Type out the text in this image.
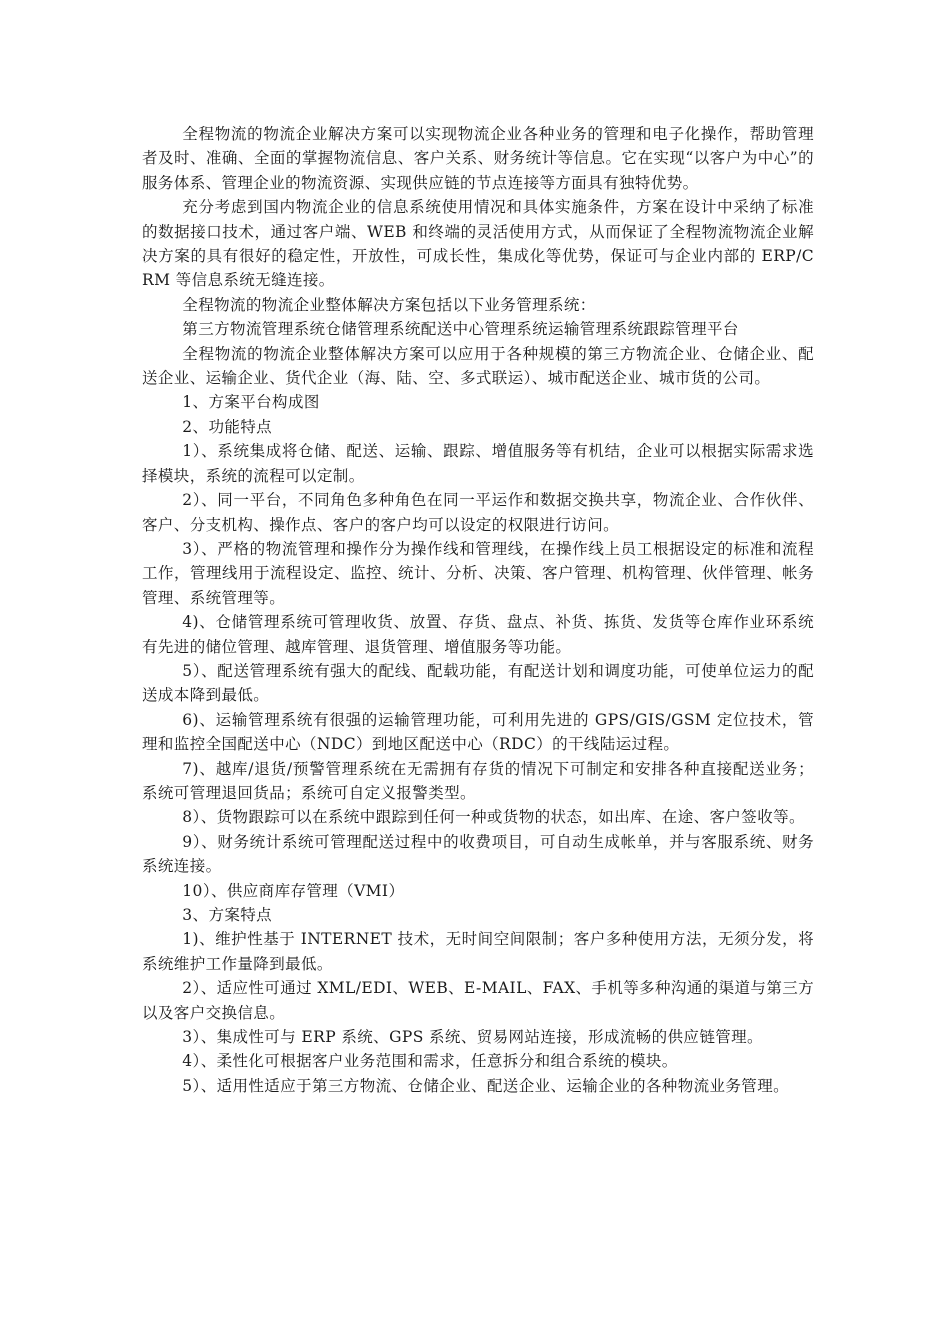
全程物流的物流企业解决方案可以实现物流企业各种业务的管理和电子化操作，帮助管理者及时、准确、全面的掌握物流信息、客户关系、财务统计等信息。它在实现“以客户为中心”的服务体系、管理企业的物流资源、实现供应链的节点连接等方面具有独特优势。

充分考虑到国内物流企业的信息系统使用情况和具体实施条件，方案在设计中采纳了标准的数据接口技术，通过客户端、WEB 和终端的灵活使用方式，从而保证了全程物流物流企业解决方案的具有很好的稳定性，开放性，可成长性，集成化等优势，保证可与企业内部的 ERP/CRM 等信息系统无缝连接。

全程物流的物流企业整体解决方案包括以下业务管理系统：

第三方物流管理系统仓储管理系统配送中心管理系统运输管理系统跟踪管理平台

全程物流的物流企业整体解决方案可以应用于各种规模的第三方物流企业、仓储企业、配送企业、运输企业、货代企业（海、陆、空、多式联运）、城市配送企业、城市货的公司。

1、方案平台构成图

2、功能特点

1）、系统集成将仓储、配送、运输、跟踪、增值服务等有机结，企业可以根据实际需求选择模块，系统的流程可以定制。

2）、同一平台，不同角色多种角色在同一平运作和数据交换共享，物流企业、合作伙伴、客户、分支机构、操作点、客户的客户均可以设定的权限进行访问。

3）、严格的物流管理和操作分为操作线和管理线，在操作线上员工根据设定的标准和流程工作，管理线用于流程设定、监控、统计、分析、决策、客户管理、机构管理、伙伴管理、帐务管理、系统管理等。

4)、仓储管理系统可管理收货、放置、存货、盘点、补货、拣货、发货等仓库作业环系统有先进的储位管理、越库管理、退货管理、增值服务等功能。

5）、配送管理系统有强大的配线、配载功能，有配送计划和调度功能，可使单位运力的配送成本降到最低。

6)、运输管理系统有很强的运输管理功能，可利用先进的 GPS/GIS/GSM 定位技术，管理和监控全国配送中心（NDC）到地区配送中心（RDC）的干线陆运过程。

7)、越库/退货/预警管理系统在无需拥有存货的情况下可制定和安排各种直接配送业务；系统可管理退回货品；系统可自定义报警类型。

8）、货物跟踪可以在系统中跟踪到任何一种或货物的状态，如出库、在途、客户签收等。

9）、财务统计系统可管理配送过程中的收费项目，可自动生成帐单，并与客服系统、财务系统连接。

10）、供应商库存管理（VMI）

3、方案特点

1)、维护性基于 INTERNET 技术，无时间空间限制；客户多种使用方法，无须分发，将系统维护工作量降到最低。

2）、适应性可通过 XML/EDI、WEB、E-MAIL、FAX、手机等多种沟通的渠道与第三方以及客户交换信息。

3）、集成性可与 ERP 系统、GPS 系统、贸易网站连接，形成流畅的供应链管理。

4）、柔性化可根据客户业务范围和需求，任意拆分和组合系统的模块。

5）、适用性适应于第三方物流、仓储企业、配送企业、运输企业的各种物流业务管理。
